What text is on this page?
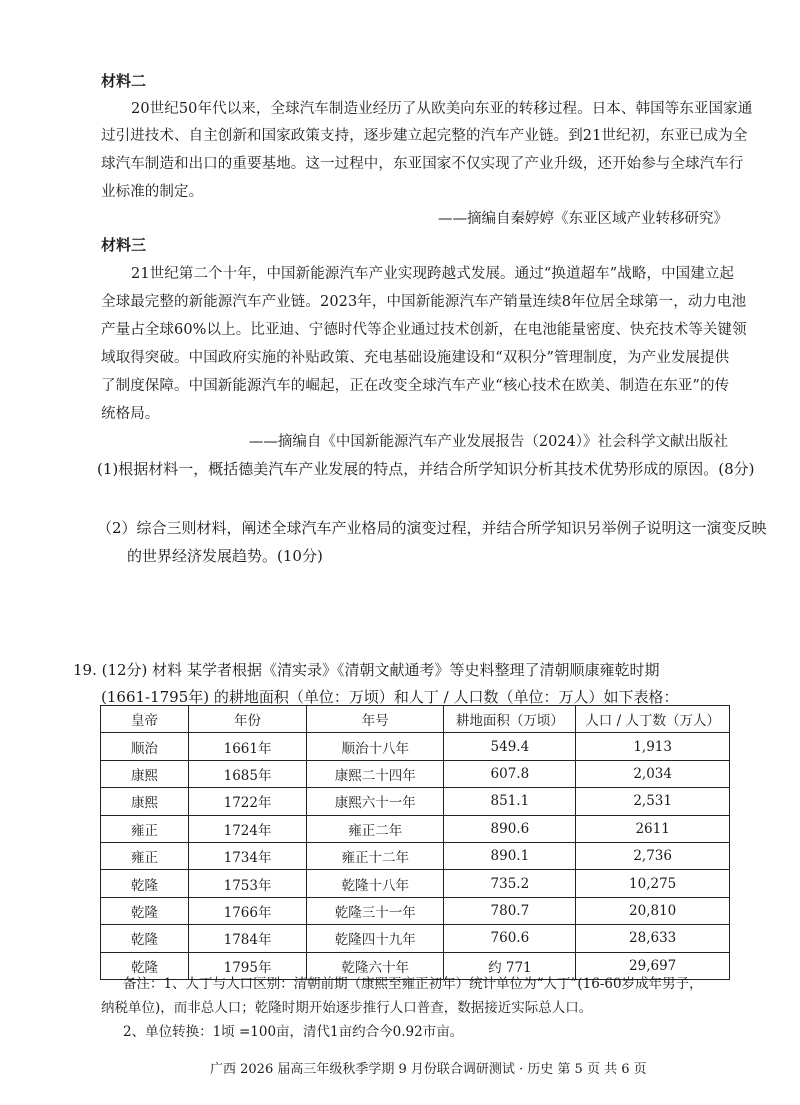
材料二
20世纪50年代以来，全球汽车制造业经历了从欧美向东亚的转移过程。日本、韩国等东亚国家通
过引进技术、自主创新和国家政策支持，逐步建立起完整的汽车产业链。到21世纪初，东亚已成为全
球汽车制造和出口的重要基地。这一过程中，东亚国家不仅实现了产业升级，还开始参与全球汽车行
业标准的制定。
——摘编自秦婷婷《东亚区域产业转移研究》
材料三
21世纪第二个十年，中国新能源汽车产业实现跨越式发展。通过“换道超车”战略，中国建立起
全球最完整的新能源汽车产业链。2023年，中国新能源汽车产销量连续8年位居全球第一，动力电池
产量占全球60%以上。比亚迪、宁德时代等企业通过技术创新，在电池能量密度、快充技术等关键领
域取得突破。中国政府实施的补贴政策、充电基础设施建设和“双积分”管理制度，为产业发展提供
了制度保障。中国新能源汽车的崛起，正在改变全球汽车产业“核心技术在欧美、制造在东亚”的传
统格局。
——摘编自《中国新能源汽车产业发展报告（2024）》社会科学文献出版社
(1)根据材料一，概括德美汽车产业发展的特点，并结合所学知识分析其技术优势形成的原因。(8分)
（2）综合三则材料，阐述全球汽车产业格局的演变过程，并结合所学知识另举例子说明这一演变反映
的世界经济发展趋势。(10分)
19. (12分) 材料 某学者根据《清实录》《清朝文献通考》等史料整理了清朝顺康雍乾时期
(1661-1795年) 的耕地面积（单位：万顷）和人丁 / 人口数（单位：万人）如下表格：
皇帝	年份	年号	耕地面积（万顷）	人口 / 人丁数（万人）
顺治	1661年	顺治十八年	549.4	1,913
康熙	1685年	康熙二十四年	607.8	2,034
康熙	1722年	康熙六十一年	851.1	2,531
雍正	1724年	雍正二年	890.6	2611
雍正	1734年	雍正十二年	890.1	2,736
乾隆	1753年	乾隆十八年	735.2	10,275
乾隆	1766年	乾隆三十一年	780.7	20,810
乾隆	1784年	乾隆四十九年	760.6	28,633
乾隆	1795年	乾隆六十年	约 771	29,697
备注：1、人丁与人口区别：清朝前期（康熙至雍正初年）统计单位为“人丁”(16-60岁成年男子，
纳税单位)，而非总人口；乾隆时期开始逐步推行人口普查，数据接近实际总人口。
2、单位转换：1顷 =100亩，清代1亩约合今0.92市亩。
广西 2026 届高三年级秋季学期 9 月份联合调研测试 · 历史 第 5 页 共 6 页
